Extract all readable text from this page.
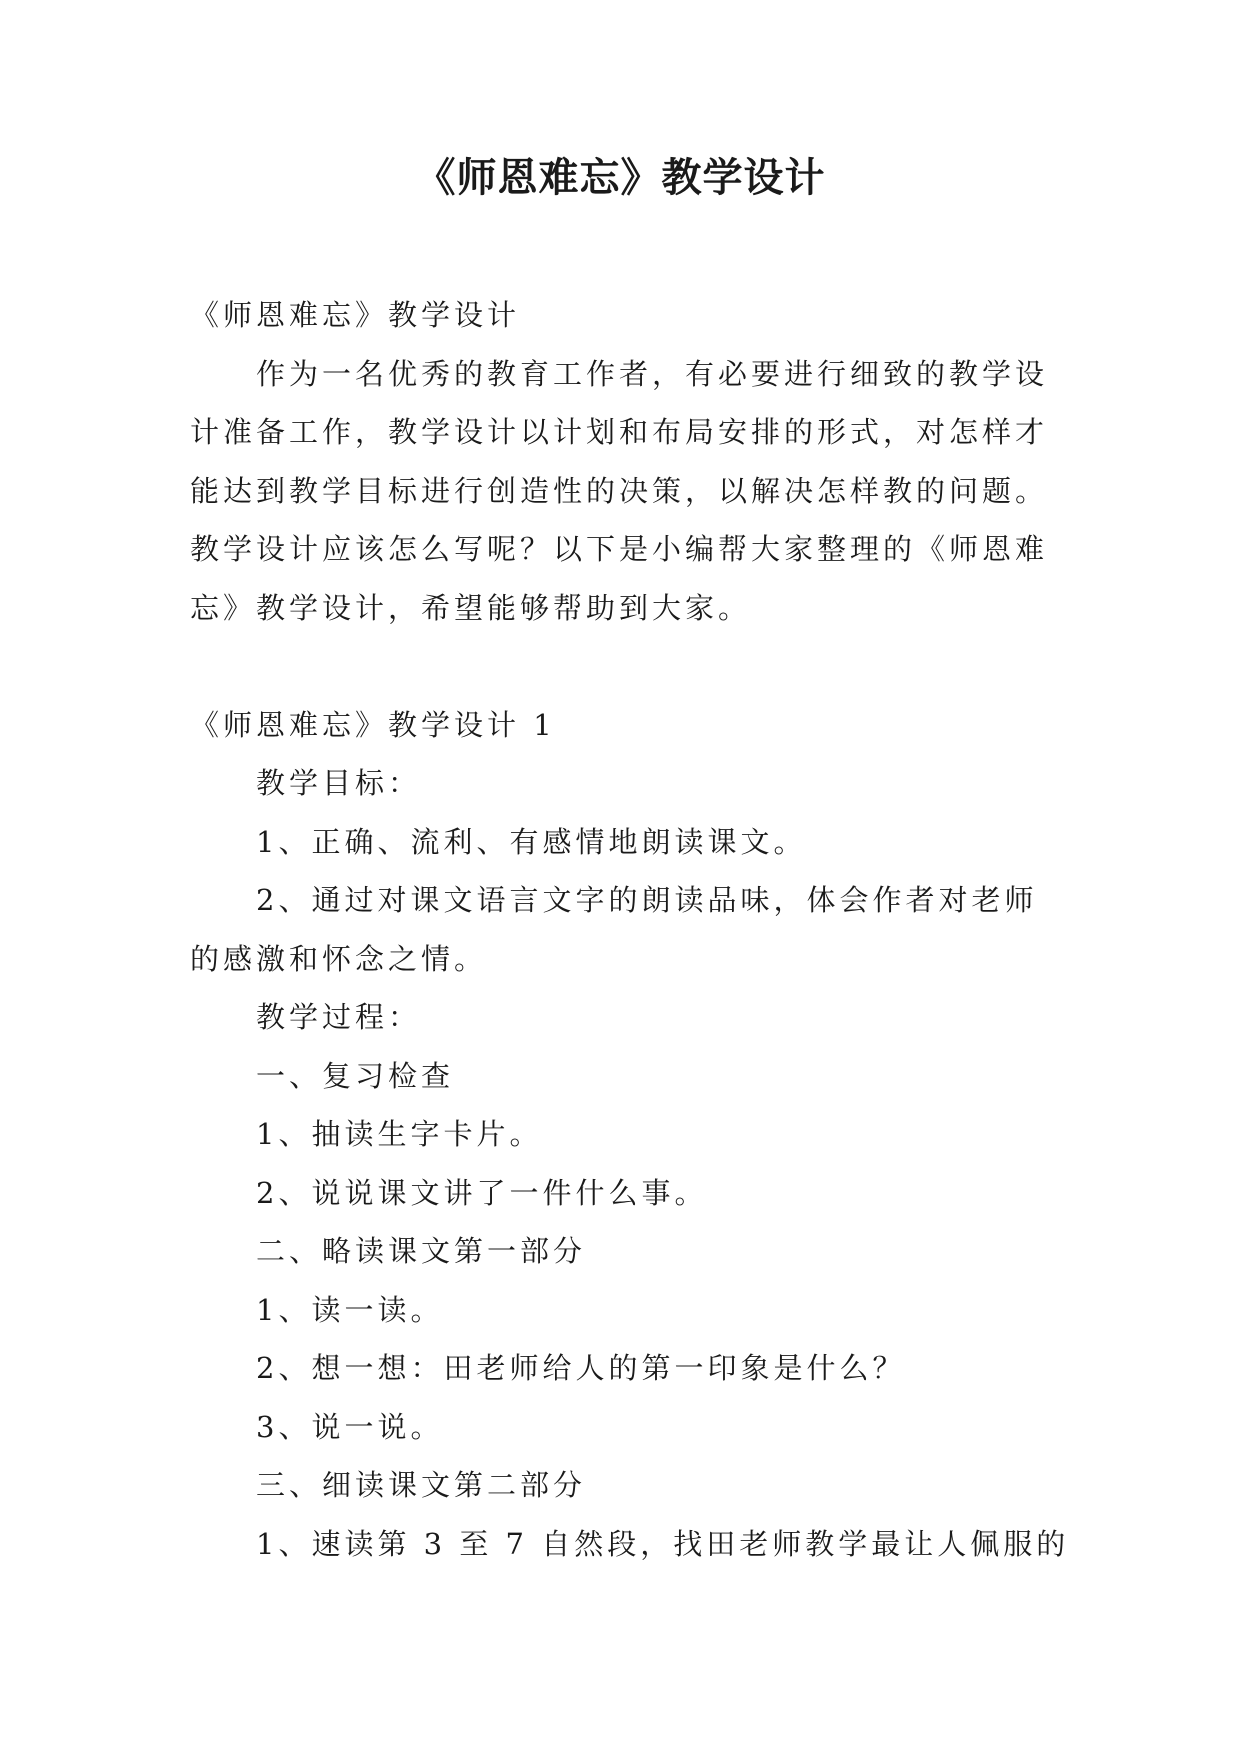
《师恩难忘》教学设计

《师恩难忘》教学设计

作为一名优秀的教育工作者，有必要进行细致的教学设

计准备工作，教学设计以计划和布局安排的形式，对怎样才

能达到教学目标进行创造性的决策，以解决怎样教的问题。

教学设计应该怎么写呢？以下是小编帮大家整理的《师恩难

忘》教学设计，希望能够帮助到大家。

《师恩难忘》教学设计 1

教学目标：

1、正确、流利、有感情地朗读课文。

2、通过对课文语言文字的朗读品味，体会作者对老师

的感激和怀念之情。

教学过程：

一、复习检查

1、抽读生字卡片。

2、说说课文讲了一件什么事。

二、略读课文第一部分

1、读一读。

2、想一想：田老师给人的第一印象是什么？

3、说一说。

三、细读课文第二部分

1、速读第 3 至 7 自然段，找田老师教学最让人佩服的
